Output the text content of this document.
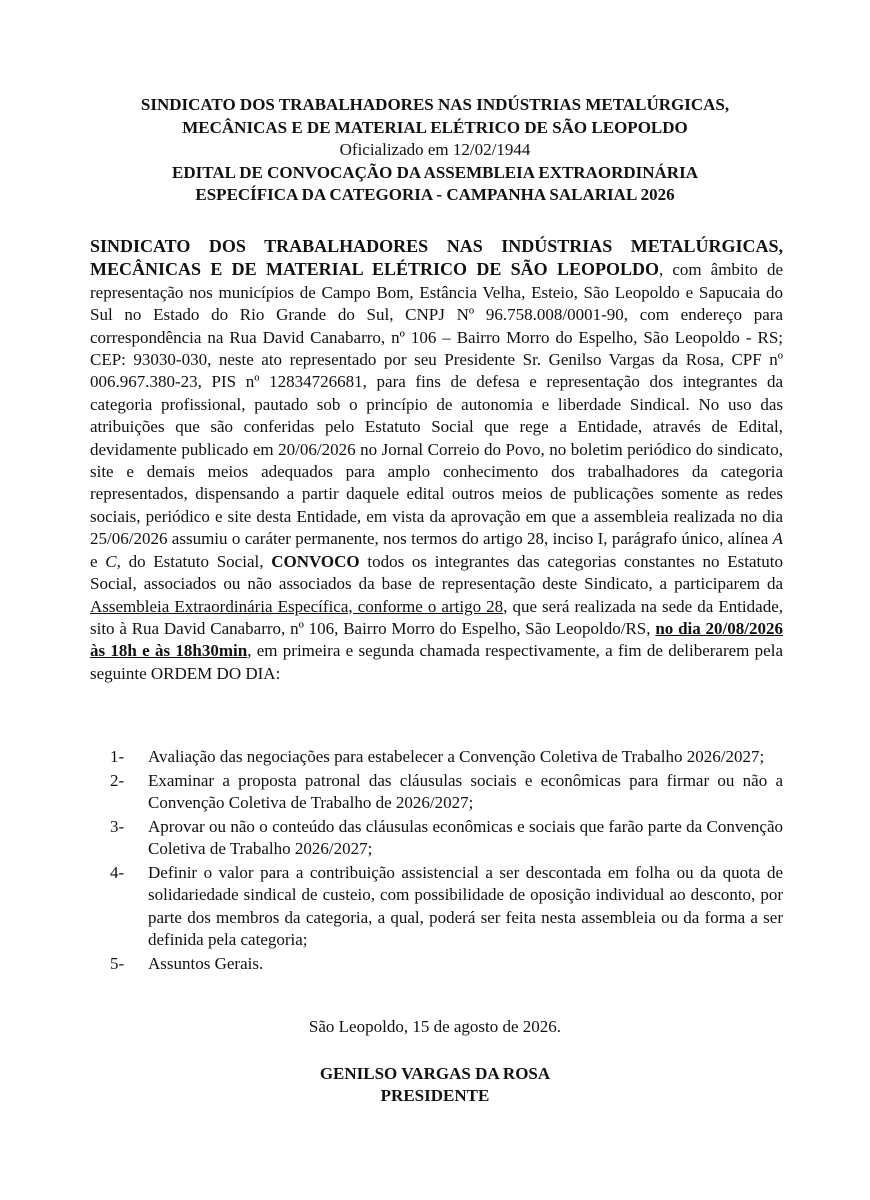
SINDICATO DOS TRABALHADORES NAS INDÚSTRIAS METALÚRGICAS,
MECÂNICAS E DE MATERIAL ELÉTRICO DE SÃO LEOPOLDO
Oficializado em 12/02/1944
EDITAL DE CONVOCAÇÃO DA ASSEMBLEIA EXTRAORDINÁRIA
ESPECÍFICA DA CATEGORIA - CAMPANHA SALARIAL 2026
SINDICATO DOS TRABALHADORES NAS INDÚSTRIAS METALÚRGICAS, MECÂNICAS E DE MATERIAL ELÉTRICO DE SÃO LEOPOLDO, com âmbito de representação nos municípios de Campo Bom, Estância Velha, Esteio, São Leopoldo e Sapucaia do Sul no Estado do Rio Grande do Sul, CNPJ Nº 96.758.008/0001-90, com endereço para correspondência na Rua David Canabarro, nº 106 – Bairro Morro do Espelho, São Leopoldo - RS; CEP: 93030-030, neste ato representado por seu Presidente Sr. Genilso Vargas da Rosa, CPF nº 006.967.380-23, PIS nº 12834726681, para fins de defesa e representação dos integrantes da categoria profissional, pautado sob o princípio de autonomia e liberdade Sindical. No uso das atribuições que são conferidas pelo Estatuto Social que rege a Entidade, através de Edital, devidamente publicado em 20/06/2026 no Jornal Correio do Povo, no boletim periódico do sindicato, site e demais meios adequados para amplo conhecimento dos trabalhadores da categoria representados, dispensando a partir daquele edital outros meios de publicações somente as redes sociais, periódico e site desta Entidade, em vista da aprovação em que a assembleia realizada no dia 25/06/2026 assumiu o caráter permanente, nos termos do artigo 28, inciso I, parágrafo único, alínea A e C, do Estatuto Social, CONVOCO todos os integrantes das categorias constantes no Estatuto Social, associados ou não associados da base de representação deste Sindicato, a participarem da Assembleia Extraordinária Específica, conforme o artigo 28, que será realizada na sede da Entidade, sito à Rua David Canabarro, nº 106, Bairro Morro do Espelho, São Leopoldo/RS, no dia 20/08/2026 às 18h e às 18h30min, em primeira e segunda chamada respectivamente, a fim de deliberarem pela seguinte ORDEM DO DIA:
1-	Avaliação das negociações para estabelecer a Convenção Coletiva de Trabalho 2026/2027;
2-	Examinar a proposta patronal das cláusulas sociais e econômicas para firmar ou não a Convenção Coletiva de Trabalho de 2026/2027;
3-	Aprovar ou não o conteúdo das cláusulas econômicas e sociais que farão parte da Convenção Coletiva de Trabalho 2026/2027;
4-	Definir o valor para a contribuição assistencial a ser descontada em folha ou da quota de solidariedade sindical de custeio, com possibilidade de oposição individual ao desconto, por parte dos membros da categoria, a qual, poderá ser feita nesta assembleia ou da forma a ser definida pela categoria;
5-	Assuntos Gerais.
São Leopoldo, 15 de agosto de 2026.
GENILSO VARGAS DA ROSA
PRESIDENTE
